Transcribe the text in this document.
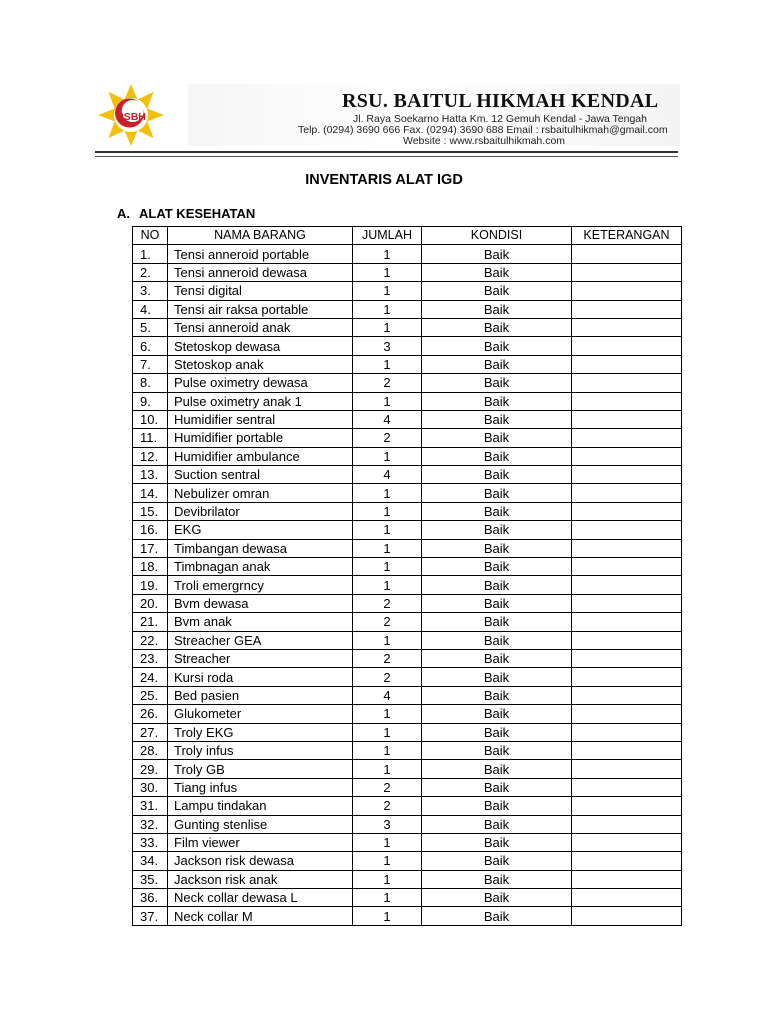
RSBH
RSU. BAITUL HIKMAH KENDAL
Jl. Raya Soekarno Hatta Km. 12 Gemuh Kendal - Jawa Tengah
Telp. (0294) 3690 666 Fax. (0294) 3690 688 Email : rsbaitulhikmah@gmail.com
Website : www.rsbaitulhikmah.com
INVENTARIS ALAT IGD
A. ALAT KESEHATAN
NO	NAMA BARANG	JUMLAH	KONDISI	KETERANGAN
1.	Tensi anneroid portable	1	Baik	
2.	Tensi anneroid dewasa	1	Baik	
3.	Tensi digital	1	Baik	
4.	Tensi air raksa portable	1	Baik	
5.	Tensi anneroid anak	1	Baik	
6.	Stetoskop dewasa	3	Baik	
7.	Stetoskop anak	1	Baik	
8.	Pulse oximetry dewasa	2	Baik	
9.	Pulse oximetry anak 1	1	Baik	
10.	Humidifier sentral	4	Baik	
11.	Humidifier portable	2	Baik	
12.	Humidifier ambulance	1	Baik	
13.	Suction sentral	4	Baik	
14.	Nebulizer omran	1	Baik	
15.	Devibrilator	1	Baik	
16.	EKG	1	Baik	
17.	Timbangan dewasa	1	Baik	
18.	Timbnagan anak	1	Baik	
19.	Troli emergrncy	1	Baik	
20.	Bvm dewasa	2	Baik	
21.	Bvm anak	2	Baik	
22.	Streacher GEA	1	Baik	
23.	Streacher	2	Baik	
24.	Kursi roda	2	Baik	
25.	Bed pasien	4	Baik	
26.	Glukometer	1	Baik	
27.	Troly EKG	1	Baik	
28.	Troly infus	1	Baik	
29.	Troly GB	1	Baik	
30.	Tiang infus	2	Baik	
31.	Lampu tindakan	2	Baik	
32.	Gunting stenlise	3	Baik	
33.	Film viewer	1	Baik	
34.	Jackson risk dewasa	1	Baik	
35.	Jackson risk anak	1	Baik	
36.	Neck collar dewasa L	1	Baik	
37.	Neck collar M	1	Baik	
